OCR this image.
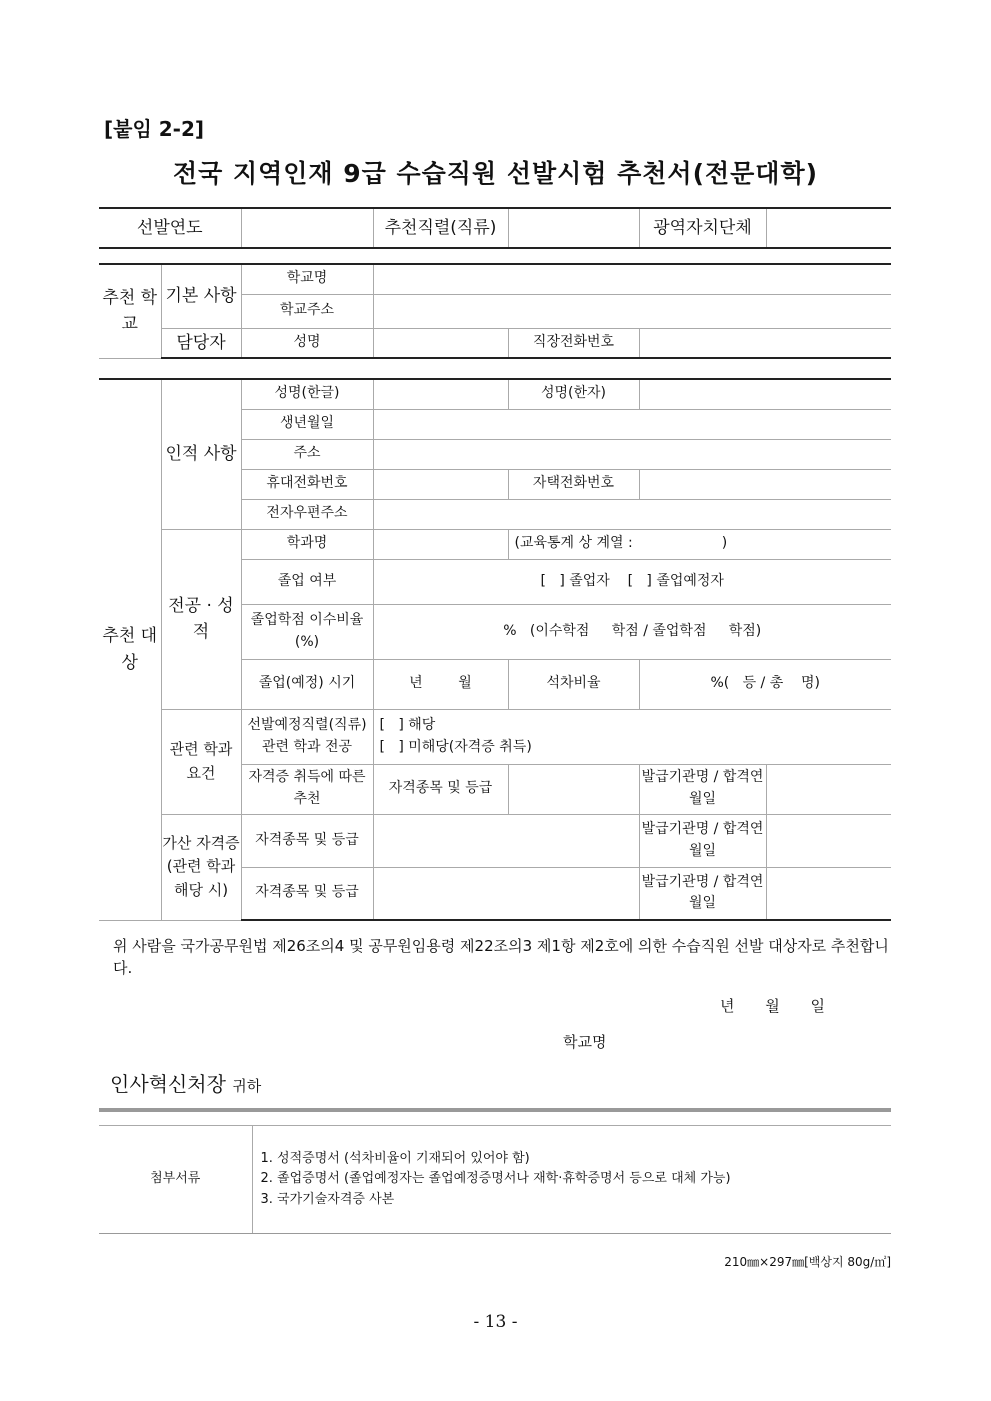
[붙임 2-2]
전국 지역인재 9급 수습직원 선발시험 추천서(전문대학)
선발연도		추천직렬(직류)		광역자치단체	
추천 학교	기본 사항	학교명			
		학교주소			
	담당자	성명		직장전화번호	
추천 대상	인적 사항	성명(한글)		성명(한자)		
		생년월일				
		주소				
		휴대전화번호		자택전화번호		
		전자우편주소				
	전공 · 성적	학과명		(교육통계 상 계열 :                    )		
		졸업 여부	[   ] 졸업자    [   ] 졸업예정자			
		졸업학점 이수비율(%)	%   (이수학점     학점 / 졸업학점     학점)			
		졸업(예정) 시기	년        월	석차비율	%(   등 / 총    명)	
	관련 학과 요건	선발예정직렬(직류) 관련 학과 전공	[   ] 해당
[   ] 미해당(자격증 취득)			

		자격증 취득에 따른 추천	자격종목 및 등급		발급기관명 / 합격연월일	
	가산 자격증 (관련 학과 해당 시)	자격종목 및 등급			발급기관명 / 합격연월일	
		자격종목 및 등급			발급기관명 / 합격연월일	
위 사람을 국가공무원법 제26조의4 및 공무원임용령 제22조의3 제1항 제2호에 의한 수습직원 선발 대상자로 추천합니다.
년 월 일
학교명
인사혁신처장 귀하
첨부서류	
1. 성적증명서 (석차비율이 기재되어 있어야 함)
2. 졸업증명서 (졸업예정자는 졸업예정증명서나 재학·휴학증명서 등으로 대체 가능)
3. 국가기술자격증 사본
210㎜×297㎜[백상지 80g/㎡]
- 13 -
